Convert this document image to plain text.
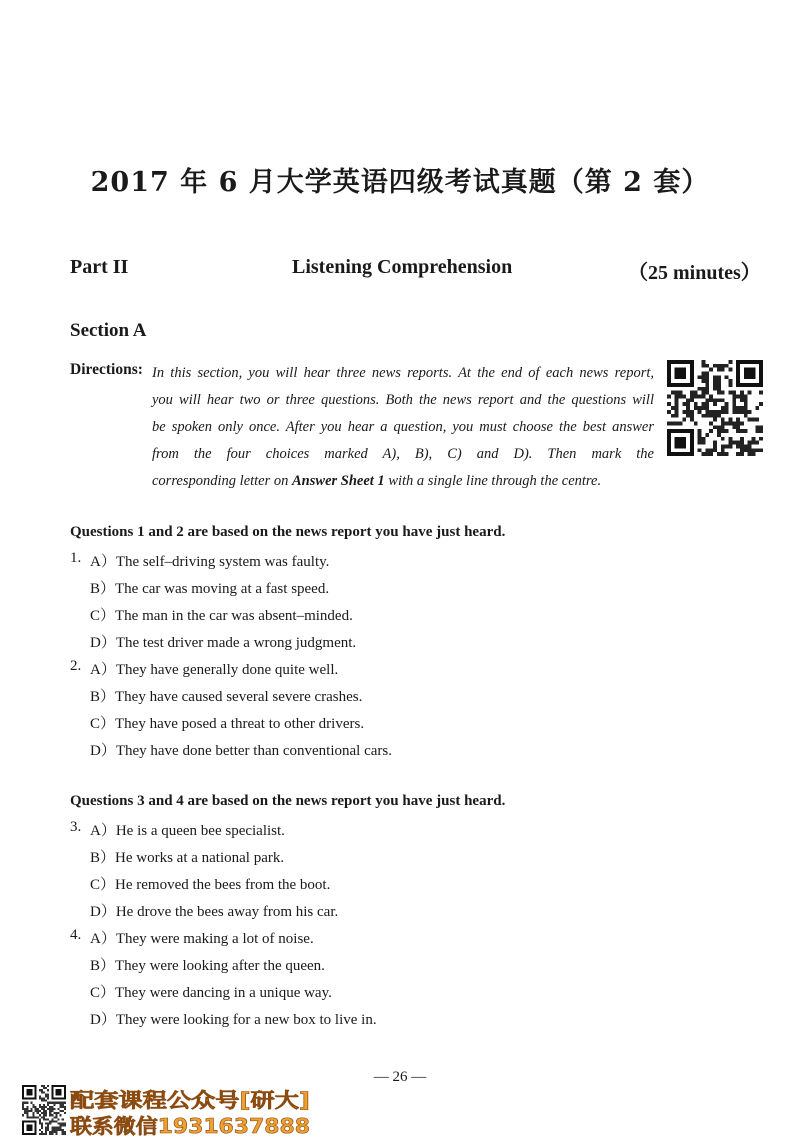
2017 年 6 月大学英语四级考试真题（第 2 套）
Part II	Listening Comprehension	（25 minutes）
Section A
Directions: In this section, you will hear three news reports. At the end of each news report,
you will hear two or three questions. Both the news report and the questions will
be spoken only once. After you hear a question, you must choose the best answer
from the four choices marked A), B), C) and D). Then mark the
corresponding letter on Answer Sheet 1 with a single line through the centre.
Questions 1 and 2 are based on the news report you have just heard.
1. A）The self–driving system was faulty.
B）The car was moving at a fast speed.
C）The man in the car was absent–minded.
D）The test driver made a wrong judgment.
2. A）They have generally done quite well.
B）They have caused several severe crashes.
C）They have posed a threat to other drivers.
D）They have done better than conventional cars.
Questions 3 and 4 are based on the news report you have just heard.
3. A）He is a queen bee specialist.
B）He works at a national park.
C）He removed the bees from the boot.
D）He drove the bees away from his car.
4. A）They were making a lot of noise.
B）They were looking after the queen.
C）They were dancing in a unique way.
D）They were looking for a new box to live in.
— 26 —
配套课程公众号[研大]
联系微信1931637888
